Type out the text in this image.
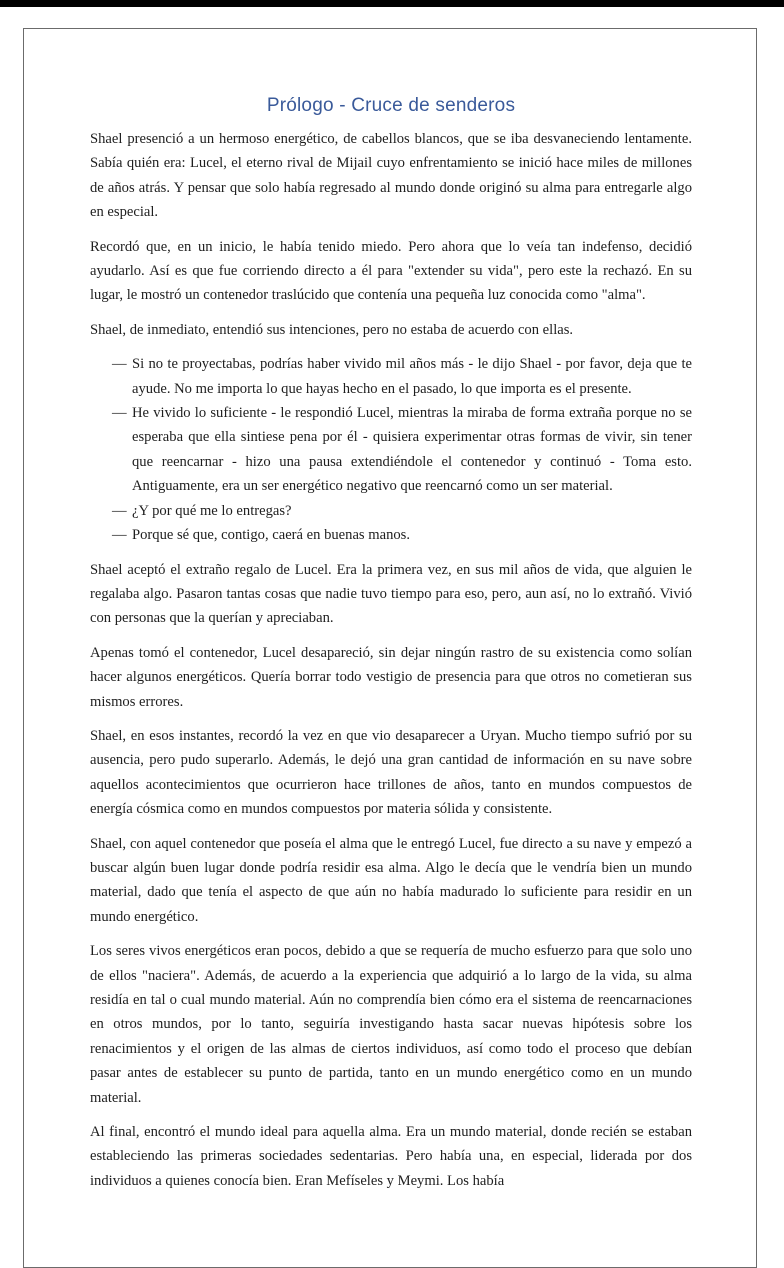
Prólogo - Cruce de senderos

Shael presenció a un hermoso energético, de cabellos blancos, que se iba desvaneciendo lentamente. Sabía quién era: Lucel, el eterno rival de Mijail cuyo enfrentamiento se inició hace miles de millones de años atrás. Y pensar que solo había regresado al mundo donde originó su alma para entregarle algo en especial.

Recordó que, en un inicio, le había tenido miedo. Pero ahora que lo veía tan indefenso, decidió ayudarlo. Así es que fue corriendo directo a él para "extender su vida", pero este la rechazó. En su lugar, le mostró un contenedor traslúcido que contenía una pequeña luz conocida como "alma".

Shael, de inmediato, entendió sus intenciones, pero no estaba de acuerdo con ellas.

— Si no te proyectabas, podrías haber vivido mil años más - le dijo Shael - por favor, deja que te ayude. No me importa lo que hayas hecho en el pasado, lo que importa es el presente.
— He vivido lo suficiente - le respondió Lucel, mientras la miraba de forma extraña porque no se esperaba que ella sintiese pena por él - quisiera experimentar otras formas de vivir, sin tener que reencarnar - hizo una pausa extendiéndole el contenedor y continuó - Toma esto. Antiguamente, era un ser energético negativo que reencarnó como un ser material.
— ¿Y por qué me lo entregas?
— Porque sé que, contigo, caerá en buenas manos.

Shael aceptó el extraño regalo de Lucel. Era la primera vez, en sus mil años de vida, que alguien le regalaba algo. Pasaron tantas cosas que nadie tuvo tiempo para eso, pero, aun así, no lo extrañó. Vivió con personas que la querían y apreciaban.

Apenas tomó el contenedor, Lucel desapareció, sin dejar ningún rastro de su existencia como solían hacer algunos energéticos. Quería borrar todo vestigio de presencia para que otros no cometieran sus mismos errores.

Shael, en esos instantes, recordó la vez en que vio desaparecer a Uryan. Mucho tiempo sufrió por su ausencia, pero pudo superarlo. Además, le dejó una gran cantidad de información en su nave sobre aquellos acontecimientos que ocurrieron hace trillones de años, tanto en mundos compuestos de energía cósmica como en mundos compuestos por materia sólida y consistente.

Shael, con aquel contenedor que poseía el alma que le entregó Lucel, fue directo a su nave y empezó a buscar algún buen lugar donde podría residir esa alma. Algo le decía que le vendría bien un mundo material, dado que tenía el aspecto de que aún no había madurado lo suficiente para residir en un mundo energético.

Los seres vivos energéticos eran pocos, debido a que se requería de mucho esfuerzo para que solo uno de ellos "naciera". Además, de acuerdo a la experiencia que adquirió a lo largo de la vida, su alma residía en tal o cual mundo material. Aún no comprendía bien cómo era el sistema de reencarnaciones en otros mundos, por lo tanto, seguiría investigando hasta sacar nuevas hipótesis sobre los renacimientos y el origen de las almas de ciertos individuos, así como todo el proceso que debían pasar antes de establecer su punto de partida, tanto en un mundo energético como en un mundo material.

Al final, encontró el mundo ideal para aquella alma. Era un mundo material, donde recién se estaban estableciendo las primeras sociedades sedentarias. Pero había una, en especial, liderada por dos individuos a quienes conocía bien. Eran Mefíseles y Meymi. Los había
